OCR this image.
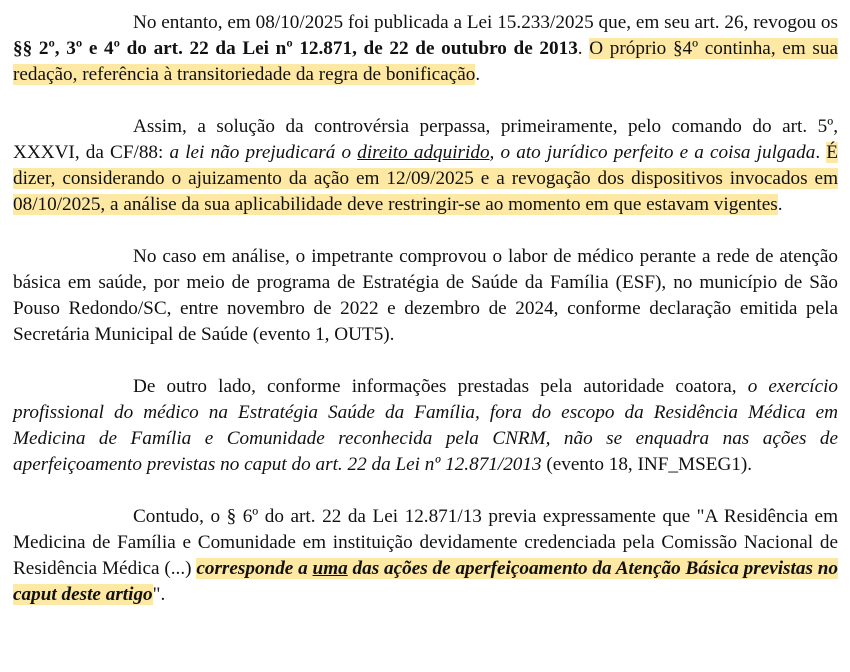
No entanto, em 08/10/2025 foi publicada a Lei 15.233/2025 que, em seu art. 26, revogou os §§ 2º, 3º e 4º do art. 22 da Lei nº 12.871, de 22 de outubro de 2013. O próprio §4º continha, em sua redação, referência à transitoriedade da regra de bonificação.

Assim, a solução da controvérsia perpassa, primeiramente, pelo comando do art. 5º, XXXVI, da CF/88: a lei não prejudicará o direito adquirido, o ato jurídico perfeito e a coisa julgada. É dizer, considerando o ajuizamento da ação em 12/09/2025 e a revogação dos dispositivos invocados em 08/10/2025, a análise da sua aplicabilidade deve restringir-se ao momento em que estavam vigentes.

No caso em análise, o impetrante comprovou o labor de médico perante a rede de atenção básica em saúde, por meio de programa de Estratégia de Saúde da Família (ESF), no município de São Pouso Redondo/SC, entre novembro de 2022 e dezembro de 2024, conforme declaração emitida pela Secretária Municipal de Saúde (evento 1, OUT5).

De outro lado, conforme informações prestadas pela autoridade coatora, o exercício profissional do médico na Estratégia Saúde da Família, fora do escopo da Residência Médica em Medicina de Família e Comunidade reconhecida pela CNRM, não se enquadra nas ações de aperfeiçoamento previstas no caput do art. 22 da Lei nº 12.871/2013 (evento 18, INF_MSEG1).

Contudo, o § 6º do art. 22 da Lei 12.871/13 previa expressamente que "A Residência em Medicina de Família e Comunidade em instituição devidamente credenciada pela Comissão Nacional de Residência Médica (...) corresponde a uma das ações de aperfeiçoamento da Atenção Básica previstas no caput deste artigo".
